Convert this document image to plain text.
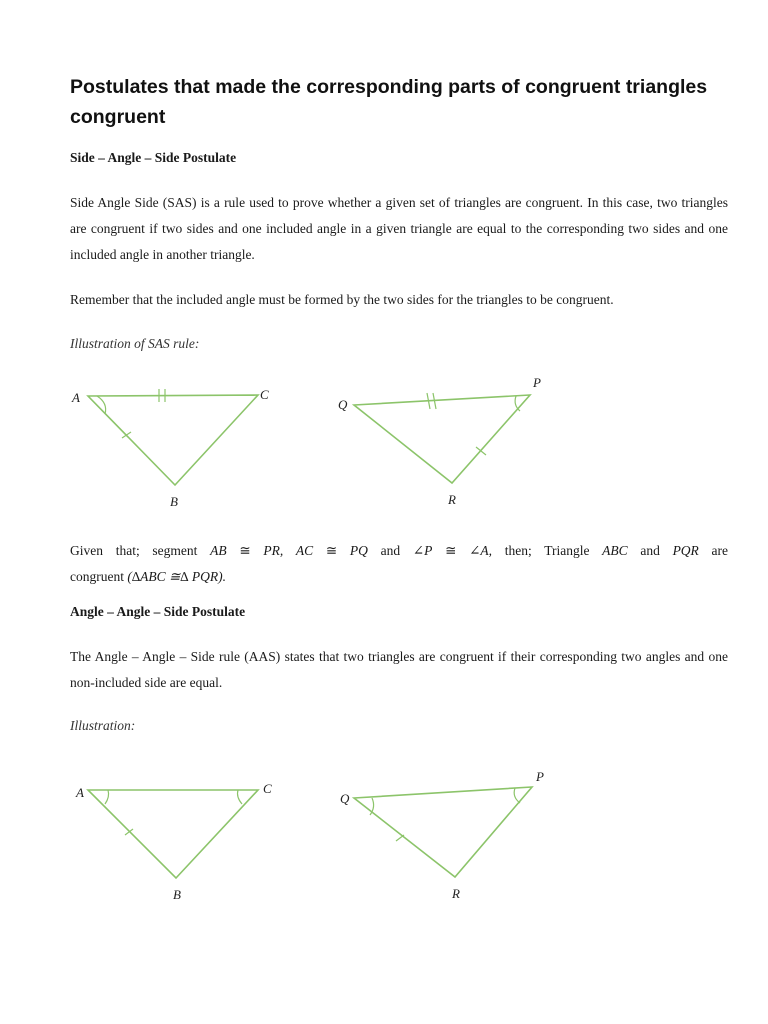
Postulates that made the corresponding parts of congruent triangles congruent

Side – Angle – Side Postulate

Side Angle Side (SAS) is a rule used to prove whether a given set of triangles are congruent. In this case, two triangles are congruent if two sides and one included angle in a given triangle are equal to the corresponding two sides and one included angle in another triangle.

Remember that the included angle must be formed by the two sides for the triangles to be congruent.

Illustration of SAS rule:

A	C
B
Q
P
R
Given that; segment AB ≅ PR, AC ≅ PQ and ∠P ≅ ∠A, then; Triangle ABC and PQR are
congruent (∆ABC ≅∆ PQR).

Angle – Angle – Side Postulate

The Angle – Angle – Side rule (AAS) states that two triangles are congruent if their corresponding two angles and one non-included side are equal.

Illustration:

A	C
B
Q
P
R
